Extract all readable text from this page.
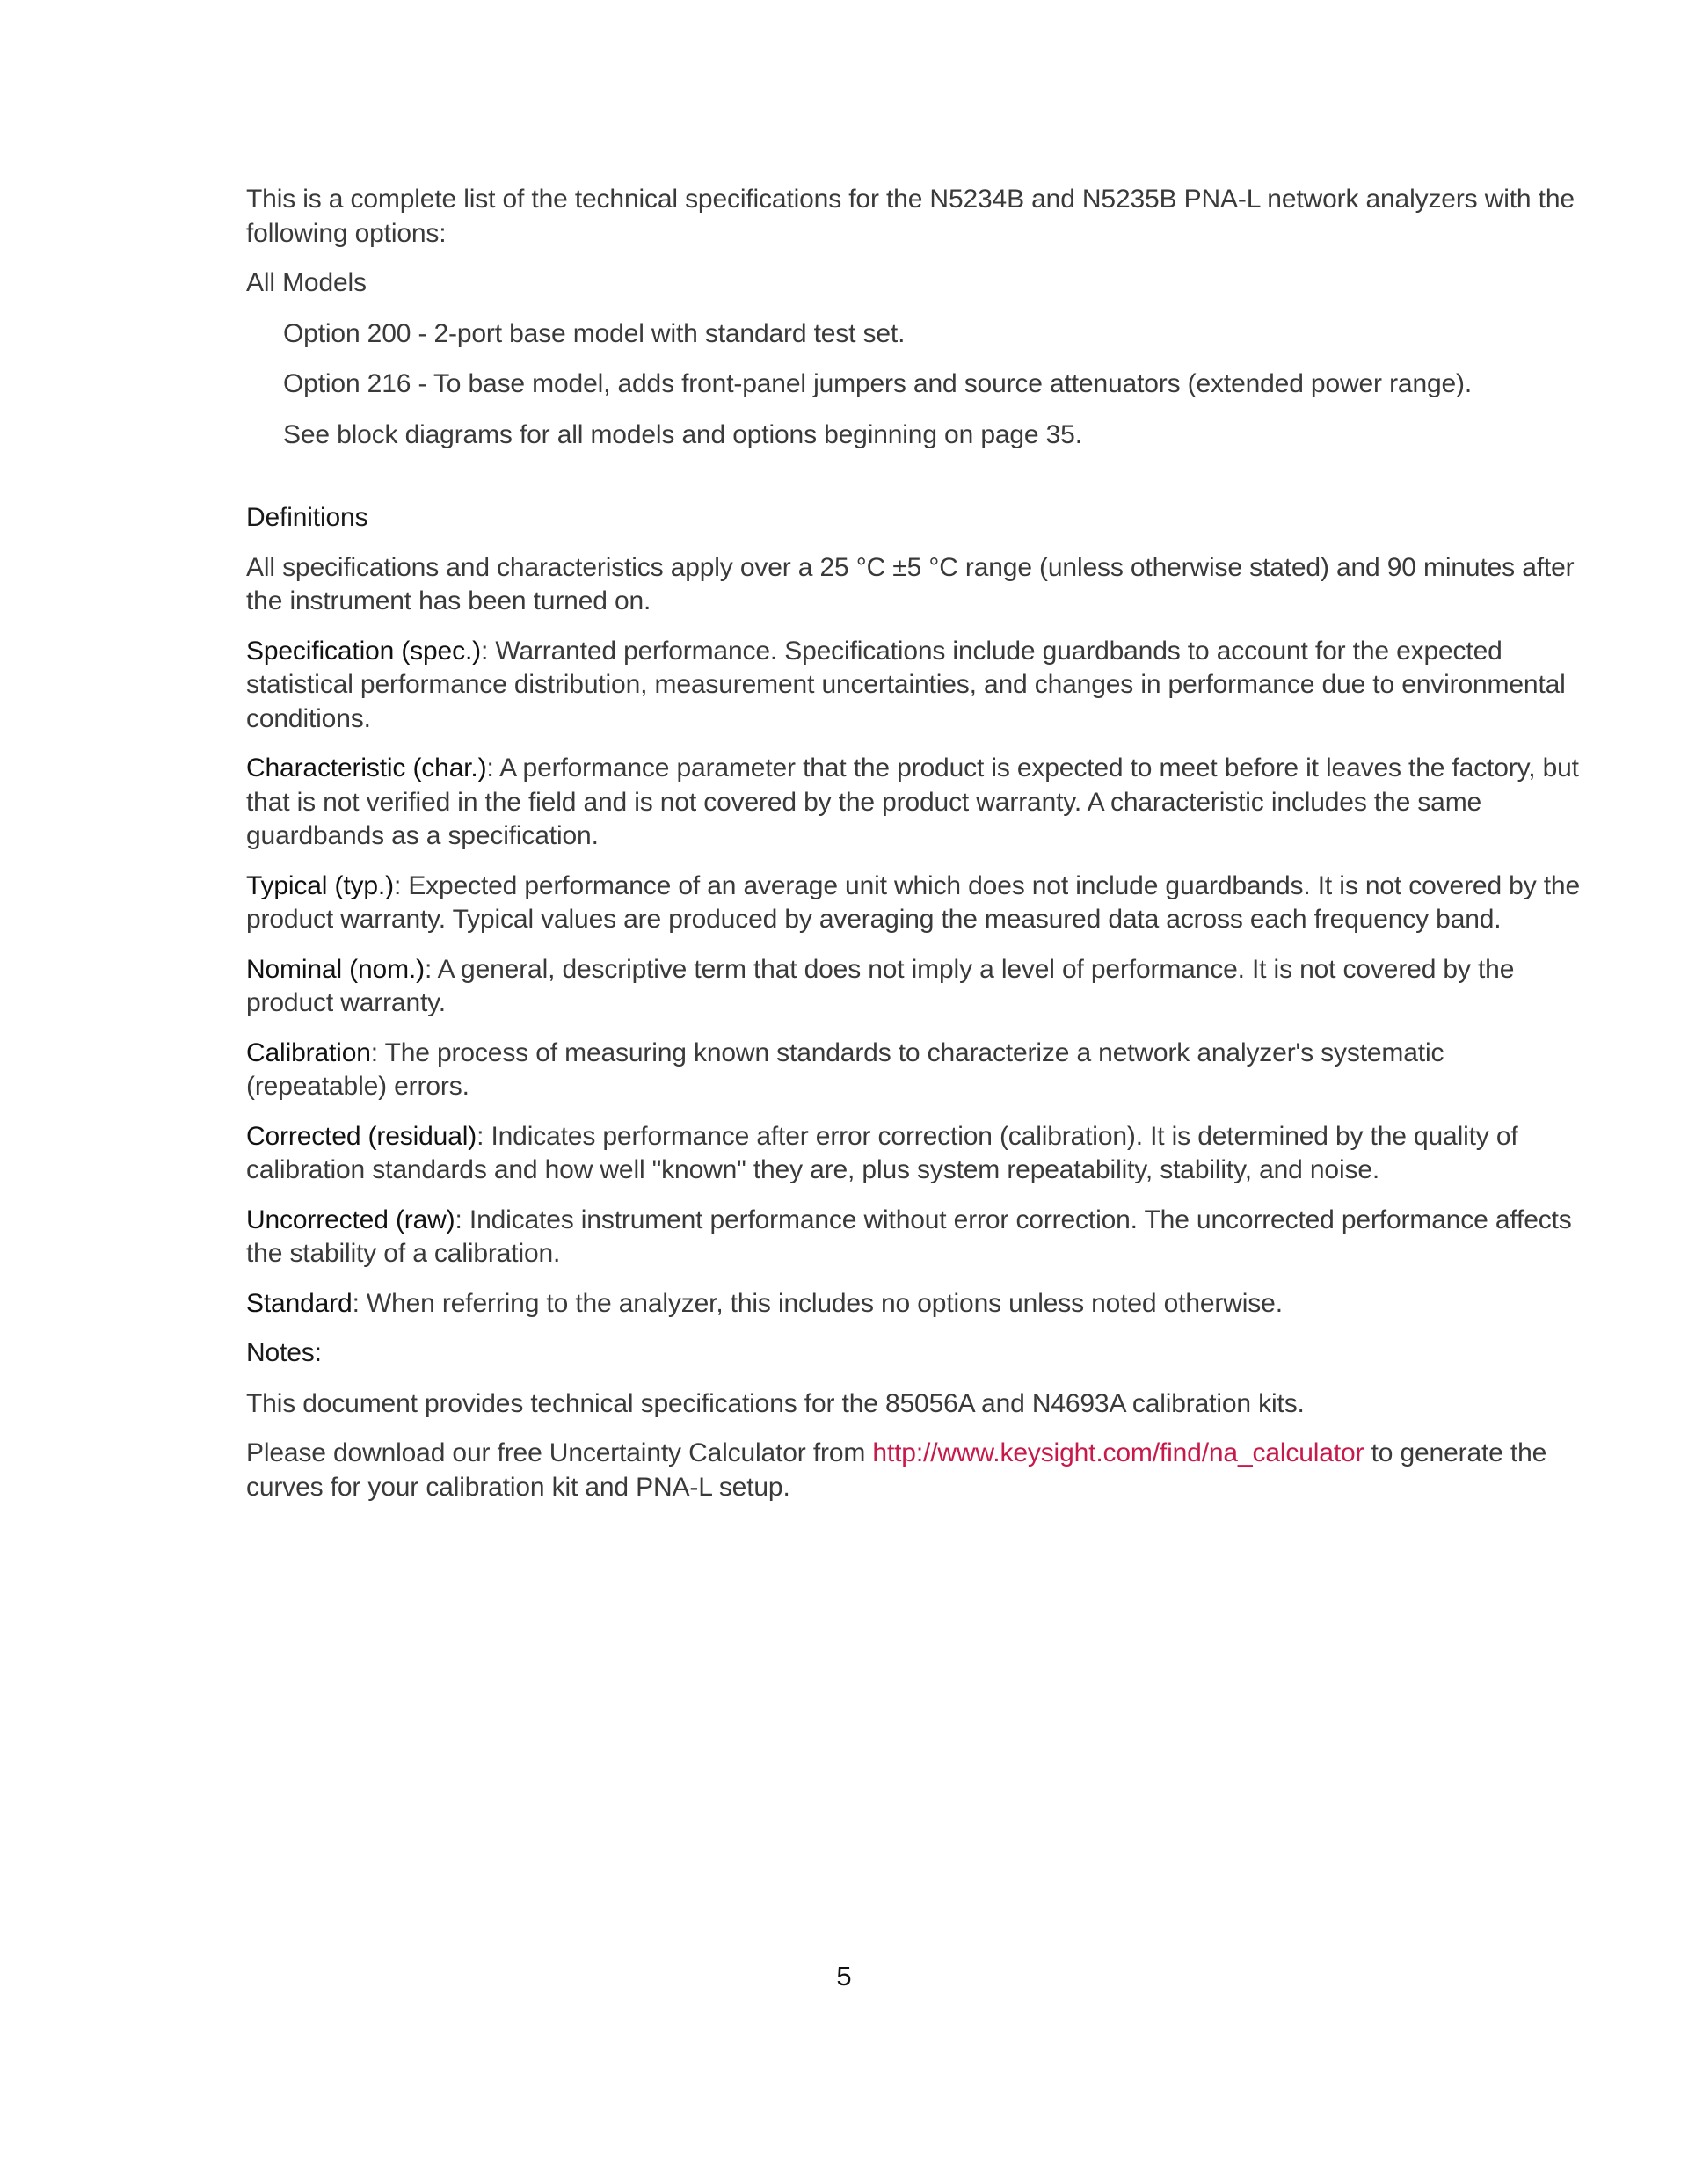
This is a complete list of the technical specifications for the N5234B and N5235B PNA-L network analyzers with the following options:

All Models

Option 200 - 2-port base model with standard test set.

Option 216 - To base model, adds front-panel jumpers and source attenuators (extended power range).

See block diagrams for all models and options beginning on page 35.

Definitions

All specifications and characteristics apply over a 25 °C ±5 °C range (unless otherwise stated) and 90 minutes after the instrument has been turned on.

Specification (spec.): Warranted performance. Specifications include guardbands to account for the expected statistical performance distribution, measurement uncertainties, and changes in performance due to environmental conditions.

Characteristic (char.): A performance parameter that the product is expected to meet before it leaves the factory, but that is not verified in the field and is not covered by the product warranty. A characteristic includes the same guardbands as a specification.

Typical (typ.): Expected performance of an average unit which does not include guardbands. It is not covered by the product warranty. Typical values are produced by averaging the measured data across each frequency band.

Nominal (nom.): A general, descriptive term that does not imply a level of performance. It is not covered by the product warranty.

Calibration: The process of measuring known standards to characterize a network analyzer's systematic (repeatable) errors.

Corrected (residual): Indicates performance after error correction (calibration). It is determined by the quality of calibration standards and how well "known" they are, plus system repeatability, stability, and noise.

Uncorrected (raw): Indicates instrument performance without error correction. The uncorrected performance affects the stability of a calibration.

Standard: When referring to the analyzer, this includes no options unless noted otherwise.

Notes:

This document provides technical specifications for the 85056A and N4693A calibration kits.

Please download our free Uncertainty Calculator from http://www.keysight.com/find/na_calculator to generate the curves for your calibration kit and PNA-L setup.

5
